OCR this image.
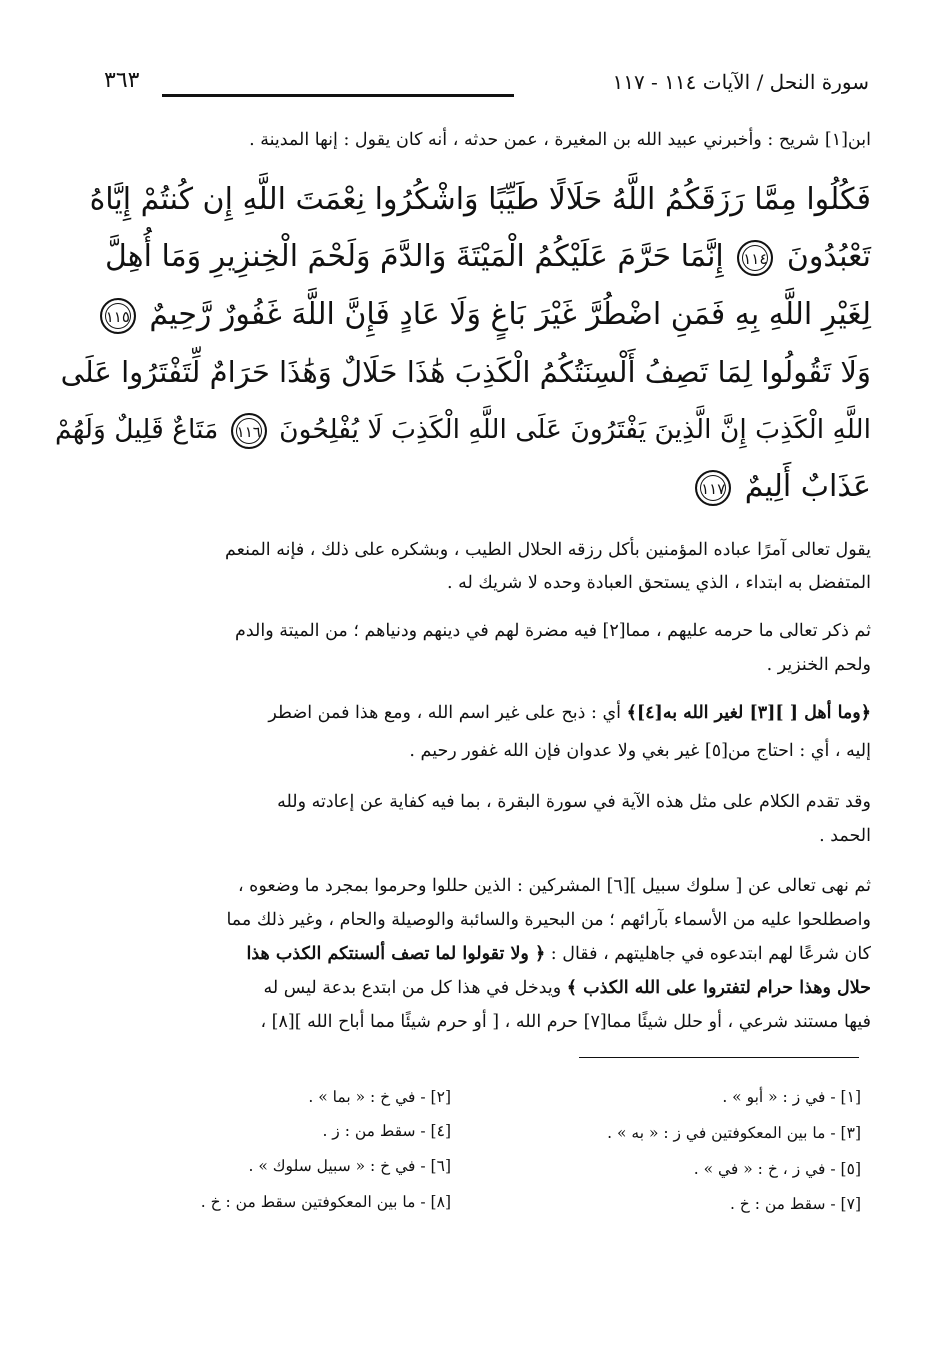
سورة النحل / الآيات ١١٤ - ١١٧
٣٦٣
ابن[١] شريح : وأخبرني عبيد الله بن المغيرة ، عمن حدثه ، أنه كان يقول : إنها المدينة .
فَكُلُوا مِمَّا رَزَقَكُمُ اللَّهُ حَلَالًا طَيِّبًا وَاشْكُرُوا نِعْمَتَ اللَّهِ إِن كُنتُمْ إِيَّاهُ
تَعْبُدُونَ ١١٤ إِنَّمَا حَرَّمَ عَلَيْكُمُ الْمَيْتَةَ وَالدَّمَ وَلَحْمَ الْخِنزِيرِ وَمَا أُهِلَّ
لِغَيْرِ اللَّهِ بِهِ فَمَنِ اضْطُرَّ غَيْرَ بَاغٍ وَلَا عَادٍ فَإِنَّ اللَّهَ غَفُورٌ رَّحِيمٌ ١١٥
وَلَا تَقُولُوا لِمَا تَصِفُ أَلْسِنَتُكُمُ الْكَذِبَ هَٰذَا حَلَالٌ وَهَٰذَا حَرَامٌ لِّتَفْتَرُوا عَلَى
اللَّهِ الْكَذِبَ إِنَّ الَّذِينَ يَفْتَرُونَ عَلَى اللَّهِ الْكَذِبَ لَا يُفْلِحُونَ ١١٦ مَتَاعٌ قَلِيلٌ وَلَهُمْ
عَذَابٌ أَلِيمٌ ١١٧
يقول تعالى آمرًا عباده المؤمنين بأكل رزقه الحلال الطيب ، وبشكره على ذلك ، فإنه المنعم
المتفضل به ابتداء ، الذي يستحق العبادة وحده لا شريك له .
ثم ذكر تعالى ما حرمه عليهم ، مما[٢] فيه مضرة لهم في دينهم ودنياهم ؛ من الميتة والدم
ولحم الخنزير .
﴿وما أهل [ ][٣] لغير الله به[٤]﴾ أي : ذبح على غير اسم الله ، ومع هذا فمن اضطر
إليه ، أي : احتاج من[٥] غير بغي ولا عدوان فإن الله غفور رحيم .
وقد تقدم الكلام على مثل هذه الآية في سورة البقرة ، بما فيه كفاية عن إعادته ولله
الحمد .
ثم نهى تعالى عن [ سلوك سبيل ][٦] المشركين : الذين حللوا وحرموا بمجرد ما وضعوه ،
واصطلحوا عليه من الأسماء بآرائهم ؛ من البحيرة والسائبة والوصيلة والحام ، وغير ذلك مما
كان شرعًا لهم ابتدعوه في جاهليتهم ، فقال : ﴿ ولا تقولوا لما تصف ألسنتكم الكذب هذا
حلال وهذا حرام لتفتروا على الله الكذب ﴾ ويدخل في هذا كل من ابتدع بدعة ليس له
فيها مستند شرعي ، أو حلل شيئًا مما[٧] حرم الله ، [ أو حرم شيئًا مما أباح الله ][٨] ،
[١] - في ز : « أبو » .
[٢] - في خ : « بما » .
[٣] - ما بين المعكوفتين في ز : « به » .
[٤] - سقط من : ز .
[٥] - في ز ، خ : « في » .
[٦] - في خ : « سبيل سلوك » .
[٧] - سقط من : خ .
[٨] - ما بين المعكوفتين سقط من : خ .
